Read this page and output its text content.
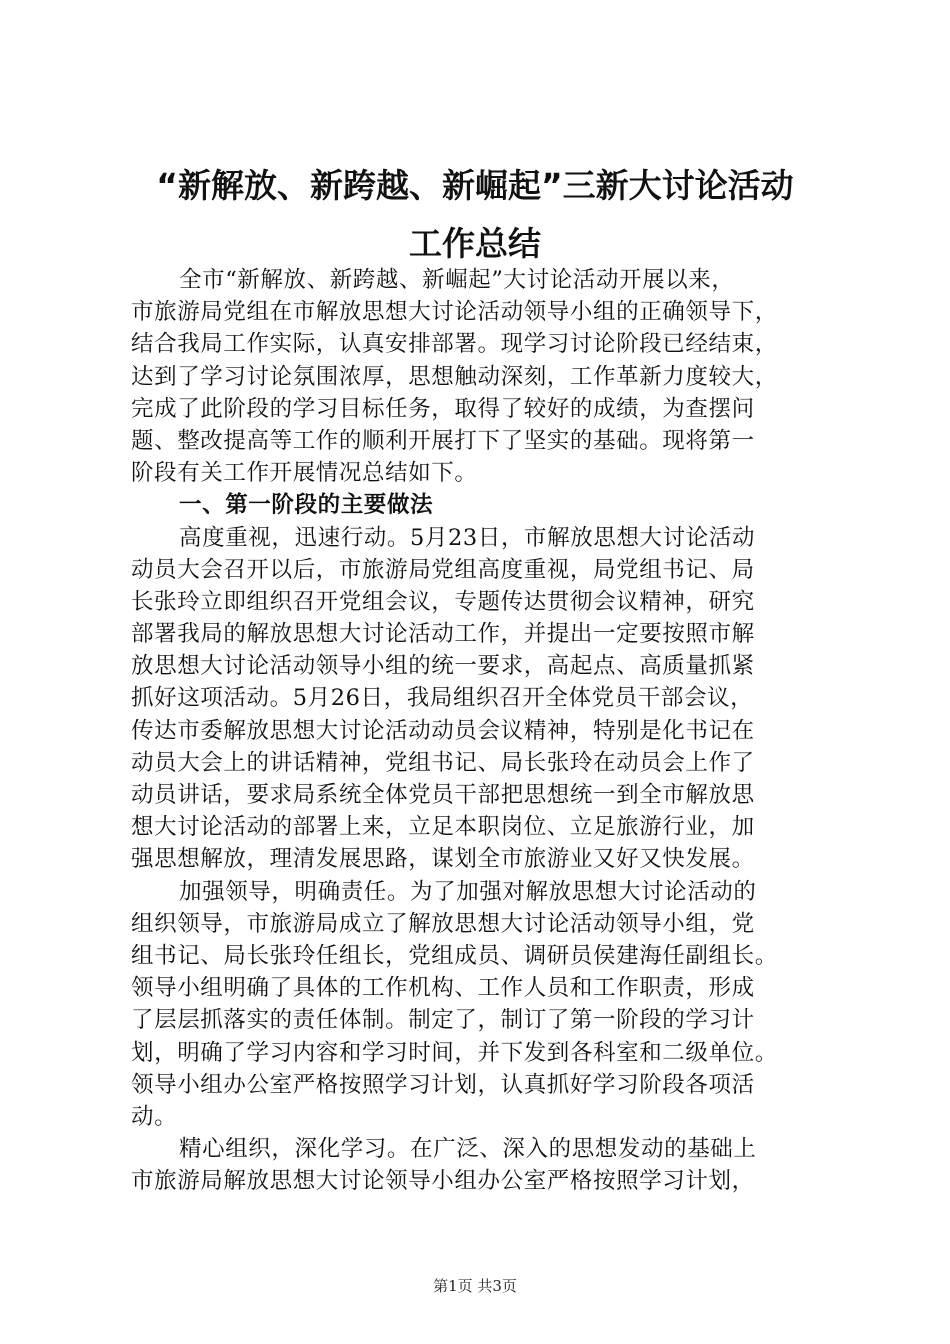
“新解放、新跨越、新崛起”三新大讨论活动
工作总结
全市“新解放、新跨越、新崛起”大讨论活动开展以来，
市旅游局党组在市解放思想大讨论活动领导小组的正确领导下，
结合我局工作实际，认真安排部署。现学习讨论阶段已经结束，
达到了学习讨论氛围浓厚，思想触动深刻，工作革新力度较大，
完成了此阶段的学习目标任务，取得了较好的成绩，为查摆问
题、整改提高等工作的顺利开展打下了坚实的基础。现将第一
阶段有关工作开展情况总结如下。
一、第一阶段的主要做法
高度重视，迅速行动。5月23日，市解放思想大讨论活动
动员大会召开以后，市旅游局党组高度重视，局党组书记、局
长张玲立即组织召开党组会议，专题传达贯彻会议精神，研究
部署我局的解放思想大讨论活动工作，并提出一定要按照市解
放思想大讨论活动领导小组的统一要求，高起点、高质量抓紧
抓好这项活动。5月26日，我局组织召开全体党员干部会议，
传达市委解放思想大讨论活动动员会议精神，特别是化书记在
动员大会上的讲话精神，党组书记、局长张玲在动员会上作了
动员讲话，要求局系统全体党员干部把思想统一到全市解放思
想大讨论活动的部署上来，立足本职岗位、立足旅游行业，加
强思想解放，理清发展思路，谋划全市旅游业又好又快发展。
加强领导，明确责任。为了加强对解放思想大讨论活动的
组织领导，市旅游局成立了解放思想大讨论活动领导小组，党
组书记、局长张玲任组长，党组成员、调研员侯建海任副组长。
领导小组明确了具体的工作机构、工作人员和工作职责，形成
了层层抓落实的责任体制。制定了，制订了第一阶段的学习计
划，明确了学习内容和学习时间，并下发到各科室和二级单位。
领导小组办公室严格按照学习计划，认真抓好学习阶段各项活
动。
精心组织，深化学习。在广泛、深入的思想发动的基础上
市旅游局解放思想大讨论领导小组办公室严格按照学习计划，
第1页 共3页
